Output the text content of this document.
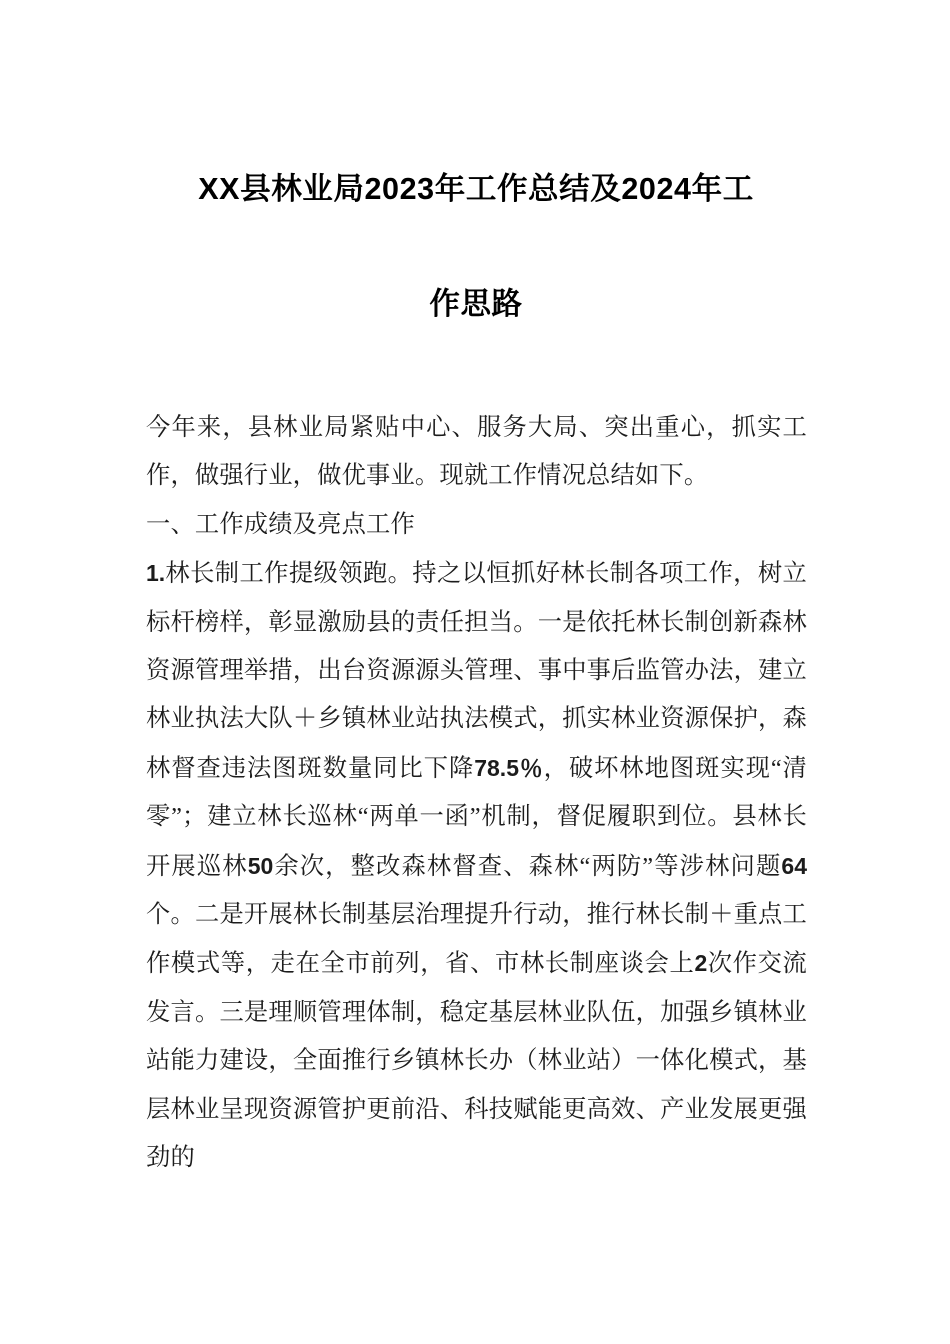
XX县林业局2023年工作总结及2024年工
作思路

今年来，县林业局紧贴中心、服务大局、突出重心，抓实工作，做强行业，做优事业。现就工作情况总结如下。

一、工作成绩及亮点工作

1.林长制工作提级领跑。持之以恒抓好林长制各项工作，树立标杆榜样，彰显激励县的责任担当。一是依托林长制创新森林资源管理举措，出台资源源头管理、事中事后监管办法，建立林业执法大队＋乡镇林业站执法模式，抓实林业资源保护，森林督查违法图斑数量同比下降78.5％，破坏林地图斑实现“清零”；建立林长巡林“两单一函”机制，督促履职到位。县林长开展巡林50余次，整改森林督查、森林“两防”等涉林问题64个。二是开展林长制基层治理提升行动，推行林长制＋重点工作模式等，走在全市前列，省、市林长制座谈会上2次作交流发言。三是理顺管理体制，稳定基层林业队伍，加强乡镇林业站能力建设，全面推行乡镇林长办（林业站）一体化模式，基层林业呈现资源管护更前沿、科技赋能更高效、产业发展更强劲的
